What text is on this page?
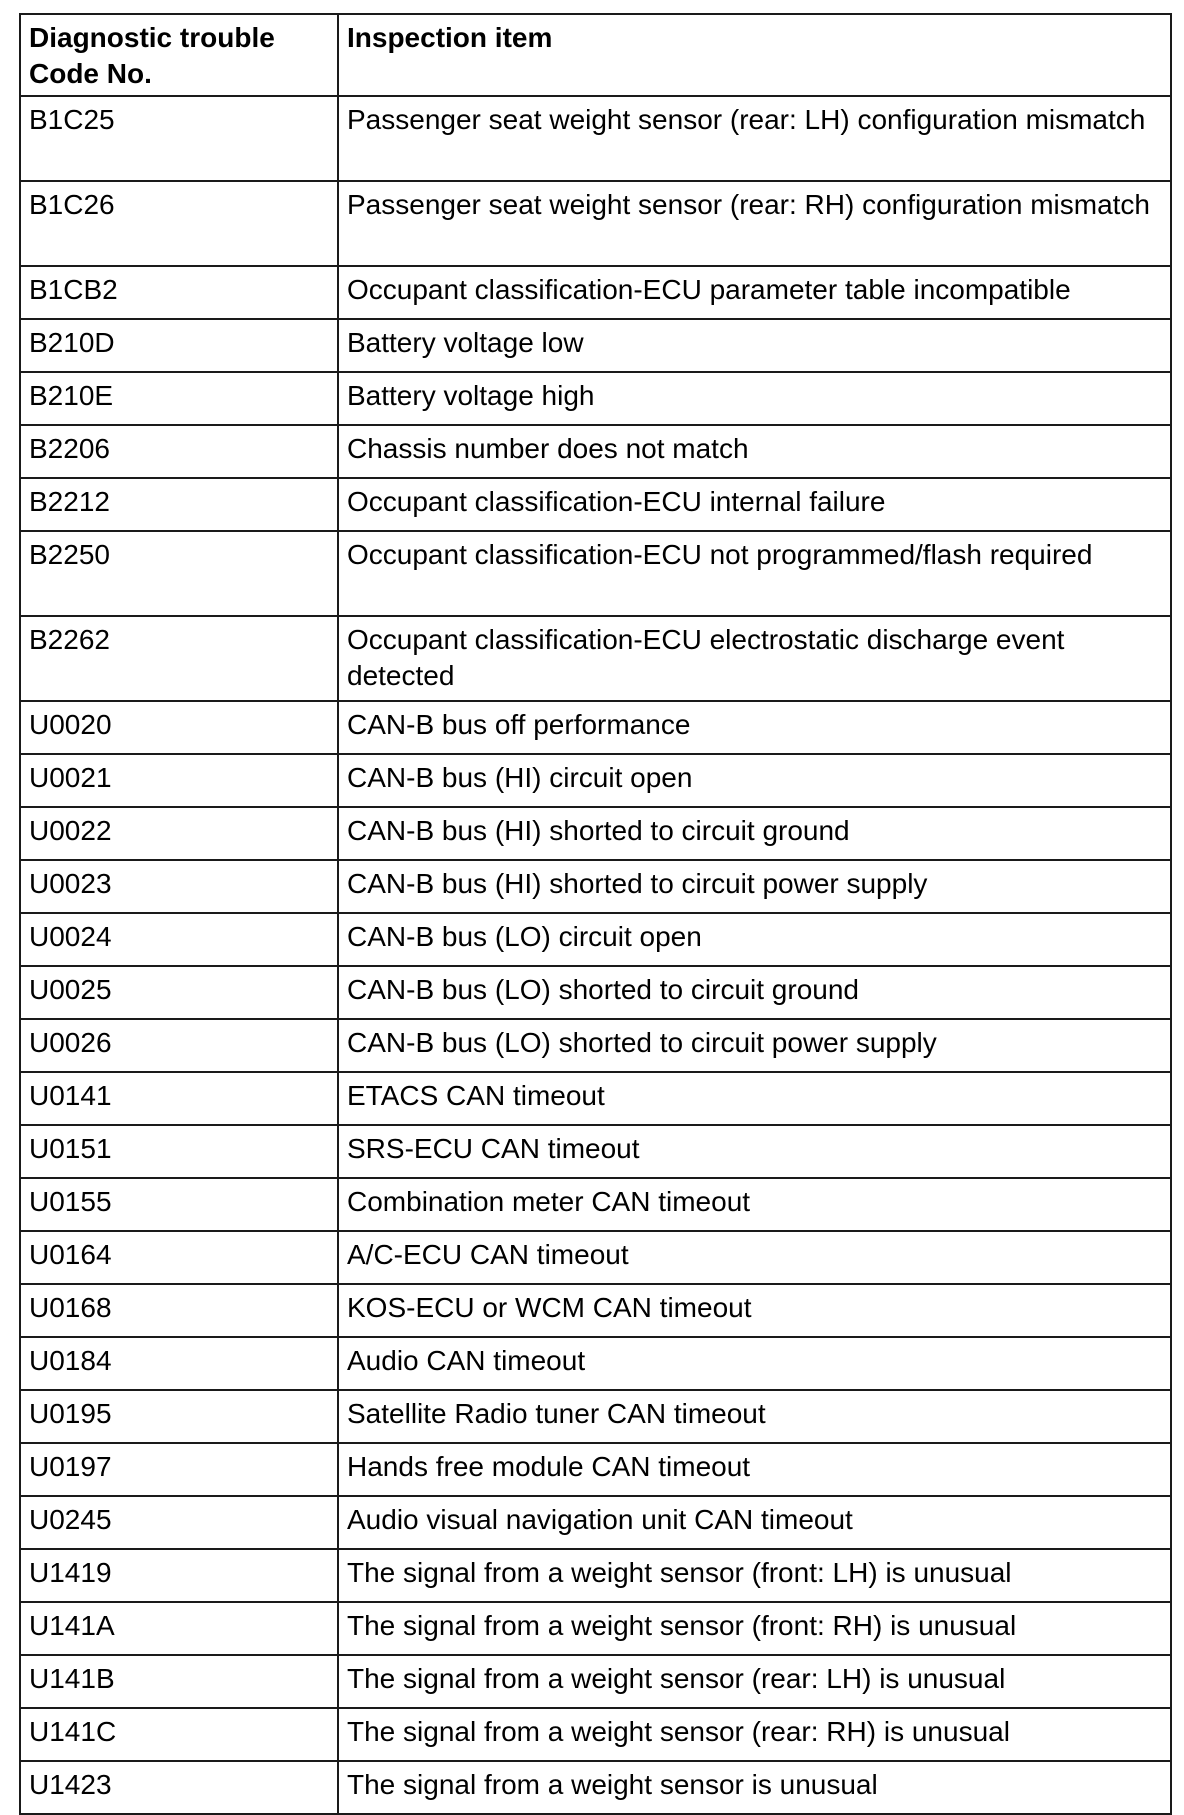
Diagnostic trouble Code No.	Inspection item
B1C25	Passenger seat weight sensor (rear: LH) configuration mismatch
B1C26	Passenger seat weight sensor (rear: RH) configuration mismatch
B1CB2	Occupant classification-ECU parameter table incompatible
B210D	Battery voltage low
B210E	Battery voltage high
B2206	Chassis number does not match
B2212	Occupant classification-ECU internal failure
B2250	Occupant classification-ECU not programmed/flash required
B2262	Occupant classification-ECU electrostatic discharge event detected
U0020	CAN-B bus off performance
U0021	CAN-B bus (HI) circuit open
U0022	CAN-B bus (HI) shorted to circuit ground
U0023	CAN-B bus (HI) shorted to circuit power supply
U0024	CAN-B bus (LO) circuit open
U0025	CAN-B bus (LO) shorted to circuit ground
U0026	CAN-B bus (LO) shorted to circuit power supply
U0141	ETACS CAN timeout
U0151	SRS-ECU CAN timeout
U0155	Combination meter CAN timeout
U0164	A/C-ECU CAN timeout
U0168	KOS-ECU or WCM CAN timeout
U0184	Audio CAN timeout
U0195	Satellite Radio tuner CAN timeout
U0197	Hands free module CAN timeout
U0245	Audio visual navigation unit CAN timeout
U1419	The signal from a weight sensor (front: LH) is unusual
U141A	The signal from a weight sensor (front: RH) is unusual
U141B	The signal from a weight sensor (rear: LH) is unusual
U141C	The signal from a weight sensor (rear: RH) is unusual
U1423	The signal from a weight sensor is unusual
